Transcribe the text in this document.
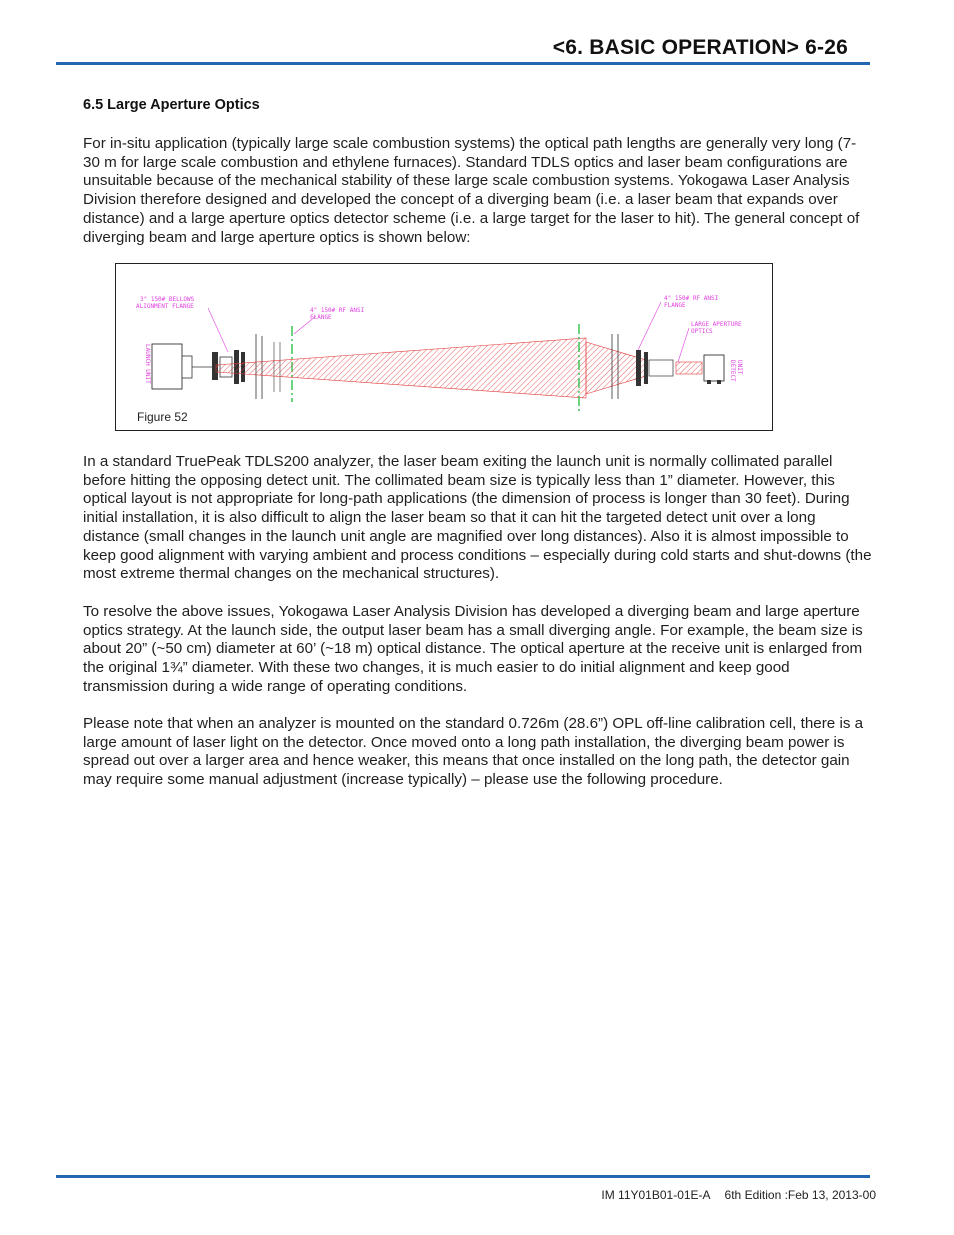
<6. BASIC OPERATION> 6-26
6.5 Large Aperture Optics

For in-situ application (typically large scale combustion systems) the optical path lengths are generally very long (7-30 m for large scale combustion and ethylene furnaces). Standard TDLS optics and laser beam configurations are unsuitable because of the mechanical stability of these large scale combustion systems. Yokogawa Laser Analysis Division therefore designed and developed the concept of a diverging beam (i.e. a laser beam that expands over distance) and a large aperture optics detector scheme (i.e. a large target for the laser to hit). The general concept of diverging beam and large aperture optics is shown below:

3" 150# BELLOWS
ALIGNMENT FLANGE
4" 150# RF ANSI
FLANGE
4" 150# RF ANSI
FLANGE
LARGE APERTURE
OPTICS
LAUNCH UNIT	DETECT UNIT
Figure 52

In a standard TruePeak TDLS200 analyzer, the laser beam exiting the launch unit is normally collimated parallel before hitting the opposing detect unit. The collimated beam size is typically less than 1” diameter. However, this optical layout is not appropriate for long-path applications (the dimension of process is longer than 30 feet). During initial installation, it is also difficult to align the laser beam so that it can hit the targeted detect unit over a long distance (small changes in the launch unit angle are magnified over long distances). Also it is almost impossible to keep good alignment with varying ambient and process conditions – especially during cold starts and shut-downs (the most extreme thermal changes on the mechanical structures).

To resolve the above issues, Yokogawa Laser Analysis Division has developed a diverging beam and large aperture optics strategy. At the launch side, the output laser beam has a small diverging angle. For example, the beam size is about 20” (~50 cm) diameter at 60’ (~18 m) optical distance. The optical aperture at the receive unit is enlarged from the original 1¾” diameter. With these two changes, it is much easier to do initial alignment and keep good transmission during a wide range of operating conditions.

Please note that when an analyzer is mounted on the standard 0.726m (28.6”) OPL off-line calibration cell, there is a large amount of laser light on the detector. Once moved onto a long path installation, the diverging beam power is spread out over a larger area and hence weaker, this means that once installed on the long path, the detector gain may require some manual adjustment (increase typically) – please use the following procedure.

IM 11Y01B01-01E-A 6th Edition :Feb 13, 2013-00
